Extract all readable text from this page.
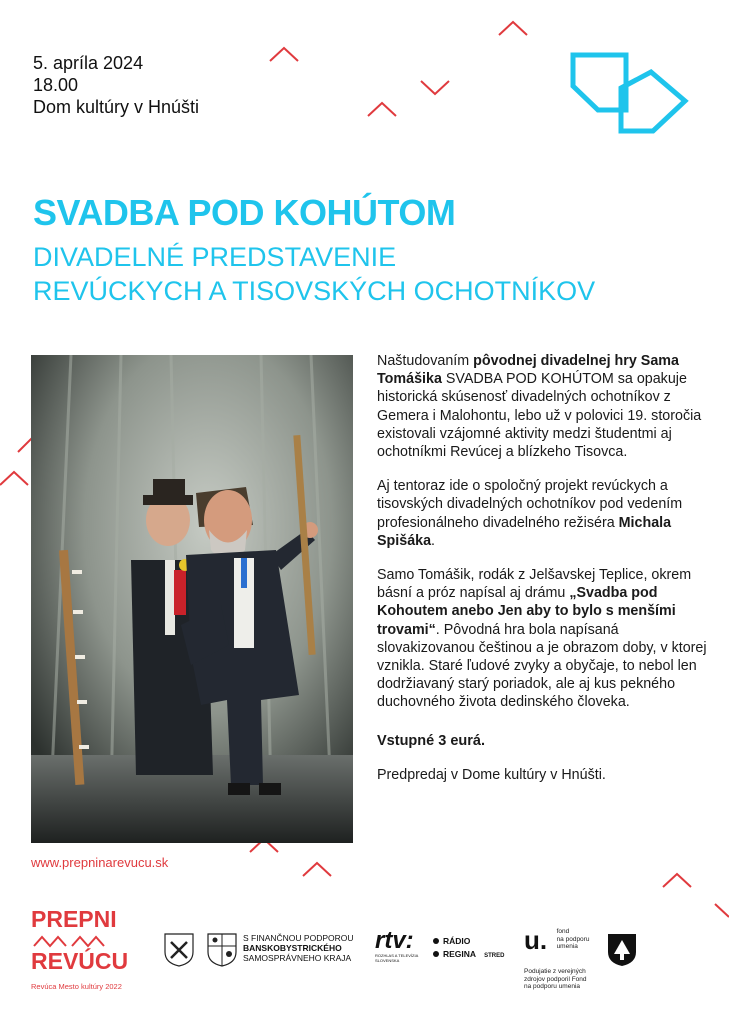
5. apríla 2024
18.00
Dom kultúry v Hnúšti
SVADBA POD KOHÚTOM
DIVADELNÉ PREDSTAVENIE
REVÚCKYCH A TISOVSKÝCH OCHOTNÍKOV

Naštudovaním pôvodnej divadelnej hry Sama Tomášika SVADBA POD KOHÚTOM sa opakuje historická skúsenosť divadelných ochotníkov z Gemera i Malohontu, lebo už v polovici 19. storočia existovali vzájomné aktivity medzi študentmi aj ochotníkmi Revúcej a blízkeho Tisovca.

Aj tentoraz ide o spoločný projekt revúckych a tisovských divadelných ochotníkov pod vedením profesionálneho divadelného režiséra Michala Spišáka.

Samo Tomášik, rodák z Jelšavskej Teplice, okrem básní a próz napísal aj drámu „Svadba pod Kohoutem anebo Jen aby to bylo s menšími trovami“. Pôvodná hra bola napísaná slovakizovanou češtinou a je obrazom doby, v ktorej vznikla. Staré ľudové zvyky a obyčaje, to nebol len dodržiavaný starý poriadok, ale aj kus pekného duchovného života dedinského človeka.

Vstupné 3 eurá.

Predpredaj v Dome kultúry v Hnúšti.

www.prepninarevucu.sk
PREPNI
REVÚCU
Revúca Mesto kultúry 2022
S FINANČNOU PODPOROU
BANSKOBYSTRICKÉHO
SAMOSPRÁVNEHO KRAJA
rtv:
ROZHLAS A TELEVÍZIA SLOVENSKA
RÁDIO
REGINA STRED
u. fond
na podporu
umenia
Podujatie z verejných zdrojov podporil Fond na podporu umenia
